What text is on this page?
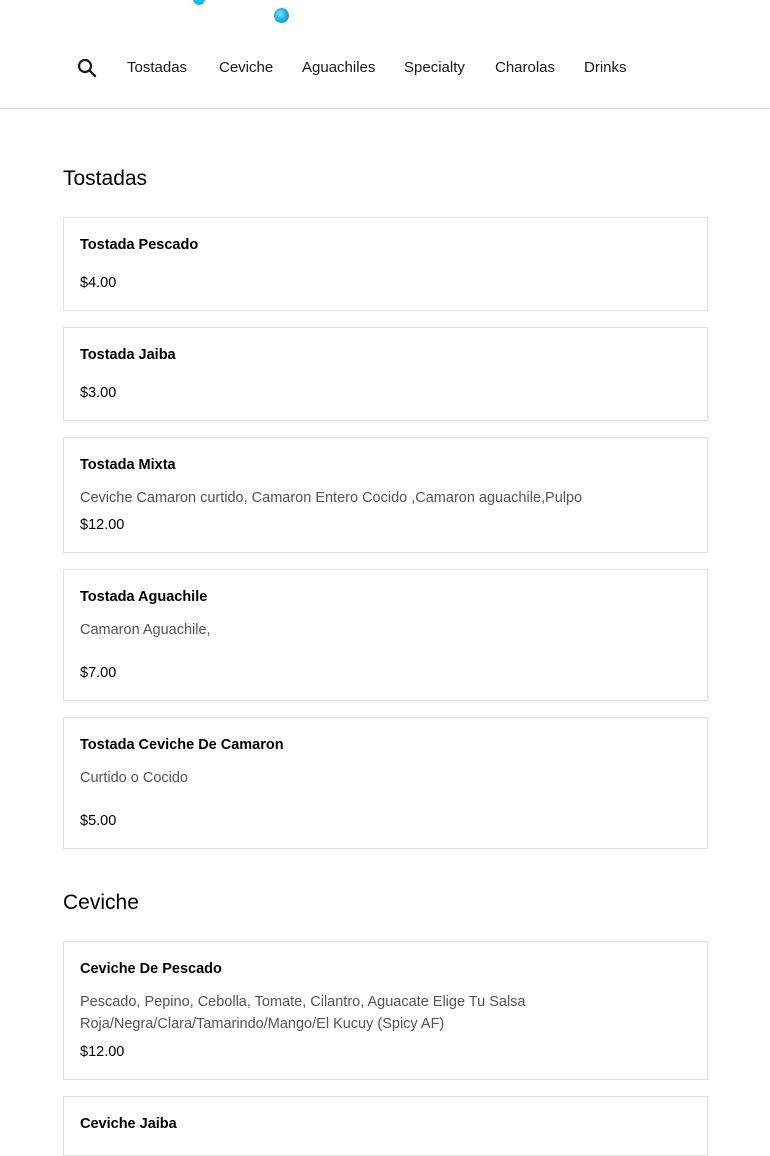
Tostadas Ceviche Aguachiles Specialty Charolas Drinks
Tostadas
Tostada Pescado
$4.00
Tostada Jaiba
$3.00
Tostada Mixta
Ceviche Camaron curtido, Camaron Entero Cocido ,Camaron aguachile,Pulpo
$12.00
Tostada Aguachile
Camaron Aguachile,
$7.00
Tostada Ceviche De Camaron
Curtido o Cocido
$5.00
Ceviche
Ceviche De Pescado
Pescado, Pepino, Cebolla, Tomate, Cilantro, Aguacate Elige Tu Salsa Roja/Negra/Clara/Tamarindo/Mango/El Kucuy (Spicy AF)
$12.00
Ceviche Jaiba
